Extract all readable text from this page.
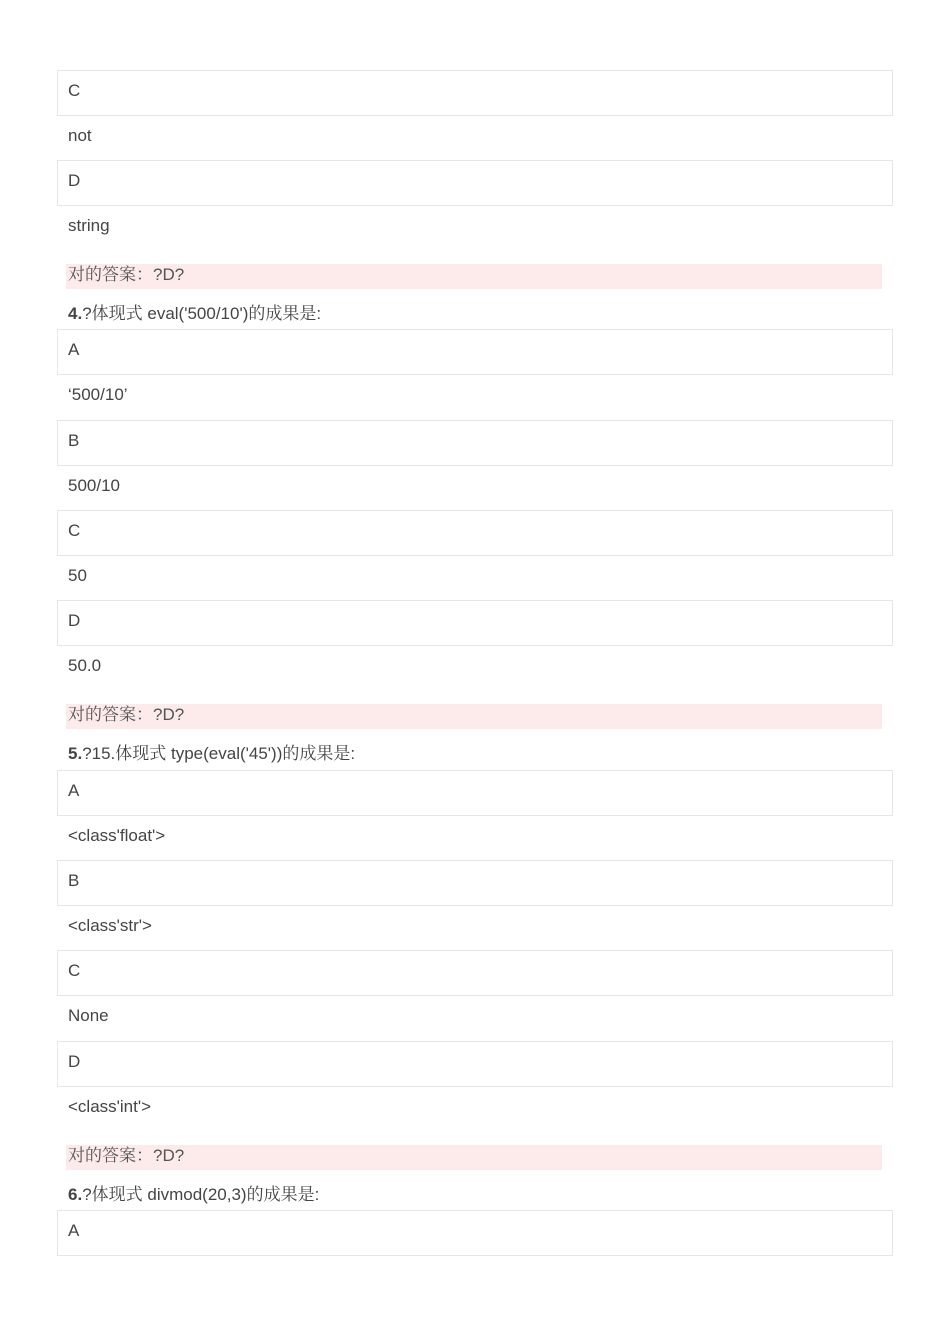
C
not
D
string
对的答案：?D?
4.?体现式 eval('500/10')的成果是:
A
‘500/10’
B
500/10
C
50
D
50.0
对的答案：?D?
5.?15.体现式 type(eval('45'))的成果是:
A
<class'float'>
B
<class'str'>
C
None
D
<class'int'>
对的答案：?D?
6.?体现式 divmod(20,3)的成果是:
A
